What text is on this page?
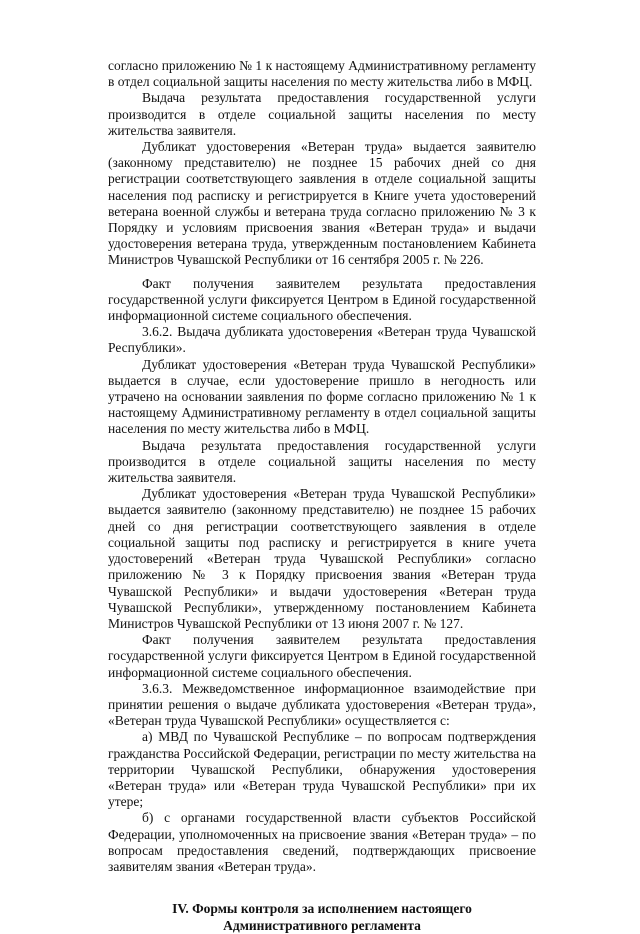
согласно приложению № 1 к настоящему Административному регламенту в отдел социальной защиты населения по месту жительства либо в МФЦ.

Выдача результата предоставления государственной услуги производится в отделе социальной защиты населения по месту жительства заявителя.

Дубликат удостоверения «Ветеран труда» выдается заявителю (законному представителю) не позднее 15 рабочих дней со дня регистрации соответствующего заявления в отделе социальной защиты населения под расписку и регистрируется в Книге учета удостоверений ветерана военной службы и ветерана труда согласно приложению № 3 к Порядку и условиям присвоения звания «Ветеран труда» и выдачи удостоверения ветерана труда, утвержденным постановлением Кабинета Министров Чувашской Республики от 16 сентября 2005 г. № 226.

Факт получения заявителем результата предоставления государственной услуги фиксируется Центром в Единой государственной информационной системе социального обеспечения.

3.6.2. Выдача дубликата удостоверения «Ветеран труда Чувашской Республики».

Дубликат удостоверения «Ветеран труда Чувашской Республики» выдается в случае, если удостоверение пришло в негодность или утрачено на основании заявления по форме согласно приложению № 1 к настоящему Административному регламенту в отдел социальной защиты населения по месту жительства либо в МФЦ.

Выдача результата предоставления государственной услуги производится в отделе социальной защиты населения по месту жительства заявителя.

Дубликат удостоверения «Ветеран труда Чувашской Республики» выдается заявителю (законному представителю) не позднее 15 рабочих дней со дня регистрации соответствующего заявления в отделе социальной защиты под расписку и регистрируется в книге учета удостоверений «Ветеран труда Чувашской Республики» согласно приложению № 3 к Порядку присвоения звания «Ветеран труда Чувашской Республики» и выдачи удостоверения «Ветеран труда Чувашской Республики», утвержденному постановлением Кабинета Министров Чувашской Республики от 13 июня 2007 г. № 127.

Факт получения заявителем результата предоставления государственной услуги фиксируется Центром в Единой государственной информационной системе социального обеспечения.

3.6.3. Межведомственное информационное взаимодействие при принятии решения о выдаче дубликата удостоверения «Ветеран труда», «Ветеран труда Чувашской Республики» осуществляется с:

а) МВД по Чувашской Республике – по вопросам подтверждения гражданства Российской Федерации, регистрации по месту жительства на территории Чувашской Республики, обнаружения удостоверения «Ветеран труда» или «Ветеран труда Чувашской Республики» при их утере;

б) с органами государственной власти субъектов Российской Федерации, уполномоченных на присвоение звания «Ветеран труда» – по вопросам предоставления сведений, подтверждающих присвоение заявителям звания «Ветеран труда».

IV. Формы контроля за исполнением настоящего
Административного регламента
